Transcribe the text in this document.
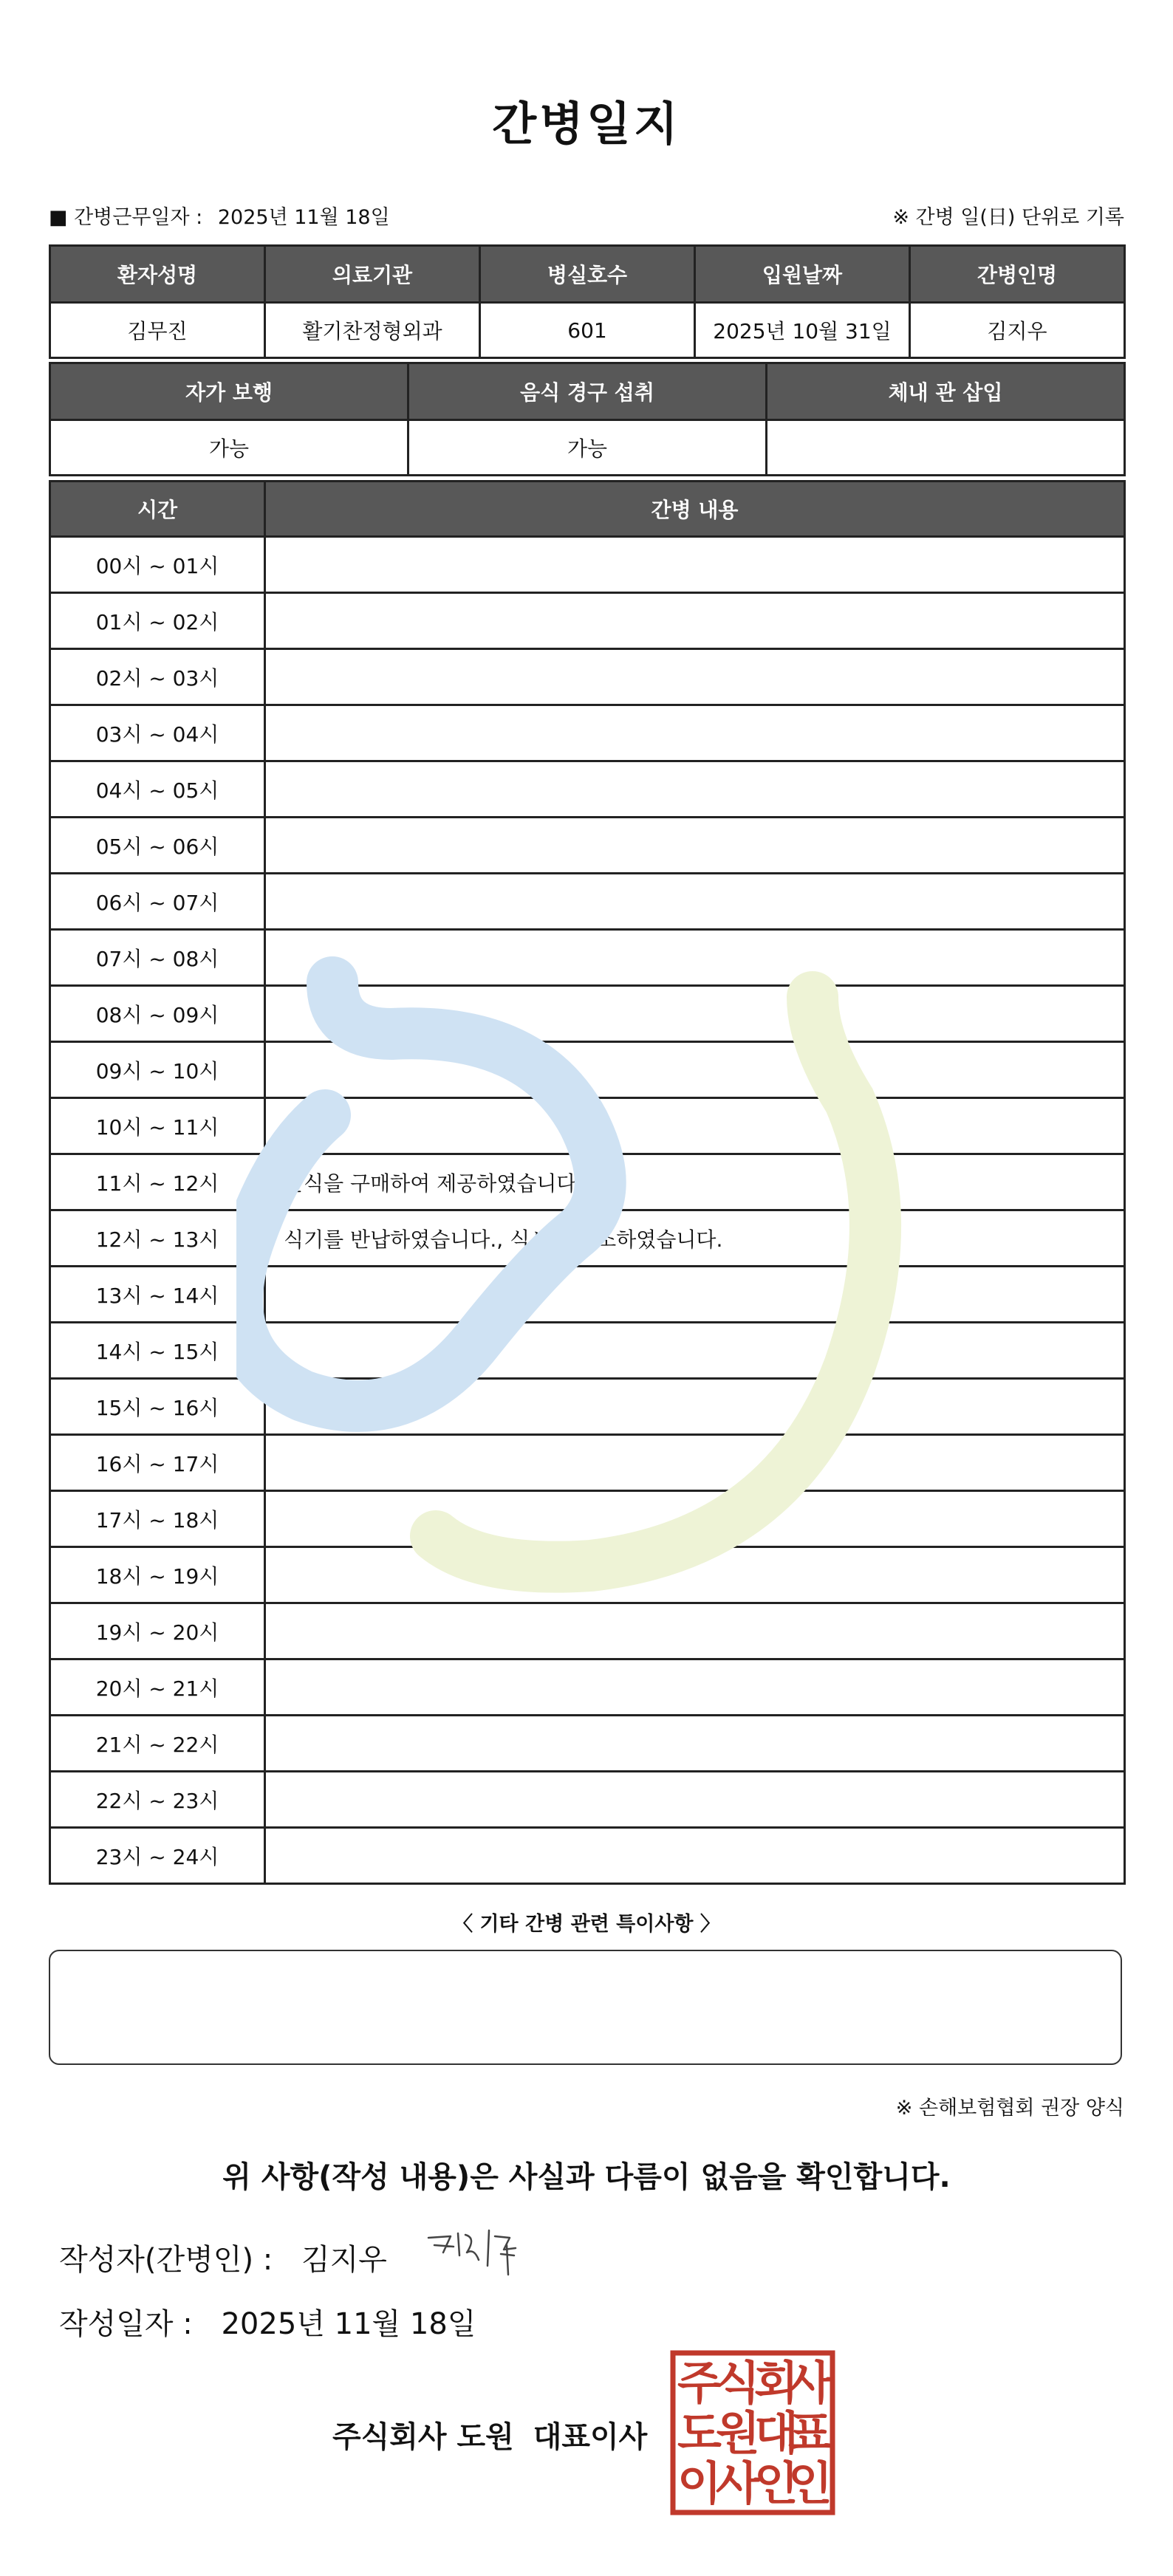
간병일지
■ 간병근무일자 : 2025년 11월 18일	※ 간병 일(日) 단위로 기록
환자성명	의료기관	병실호수	입원날짜	간병인명
김무진	활기찬정형외과	601	2025년 10월 31일	김지우
자가 보행	음식 경구 섭취	체내 관 삽입
가능	가능	
시간	간병 내용
00시 ~ 01시	
01시 ~ 02시	
02시 ~ 03시	
03시 ~ 04시	
04시 ~ 05시	
05시 ~ 06시	
06시 ~ 07시	
07시 ~ 08시	
08시 ~ 09시	
09시 ~ 10시	
10시 ~ 11시	
11시 ~ 12시	간식을 구매하여 제공하였습니다.
12시 ~ 13시	식기를 반납하였습니다., 식사를 보조하였습니다.
13시 ~ 14시	
14시 ~ 15시	
15시 ~ 16시	
16시 ~ 17시	
17시 ~ 18시	
18시 ~ 19시	
19시 ~ 20시	
20시 ~ 21시	
21시 ~ 22시	
22시 ~ 23시	
23시 ~ 24시	
〈 기타 간병 관련 특이사항 〉
※ 손해보험협회 권장 양식
위 사항(작성 내용)은 사실과 다름이 없음을 확인합니다.
작성자(간병인) : 김지우
작성일자 : 2025년 11월 18일
주식회사 도원 대표이사
주
식
회
사
도
원
대
표
이
사
인
인
